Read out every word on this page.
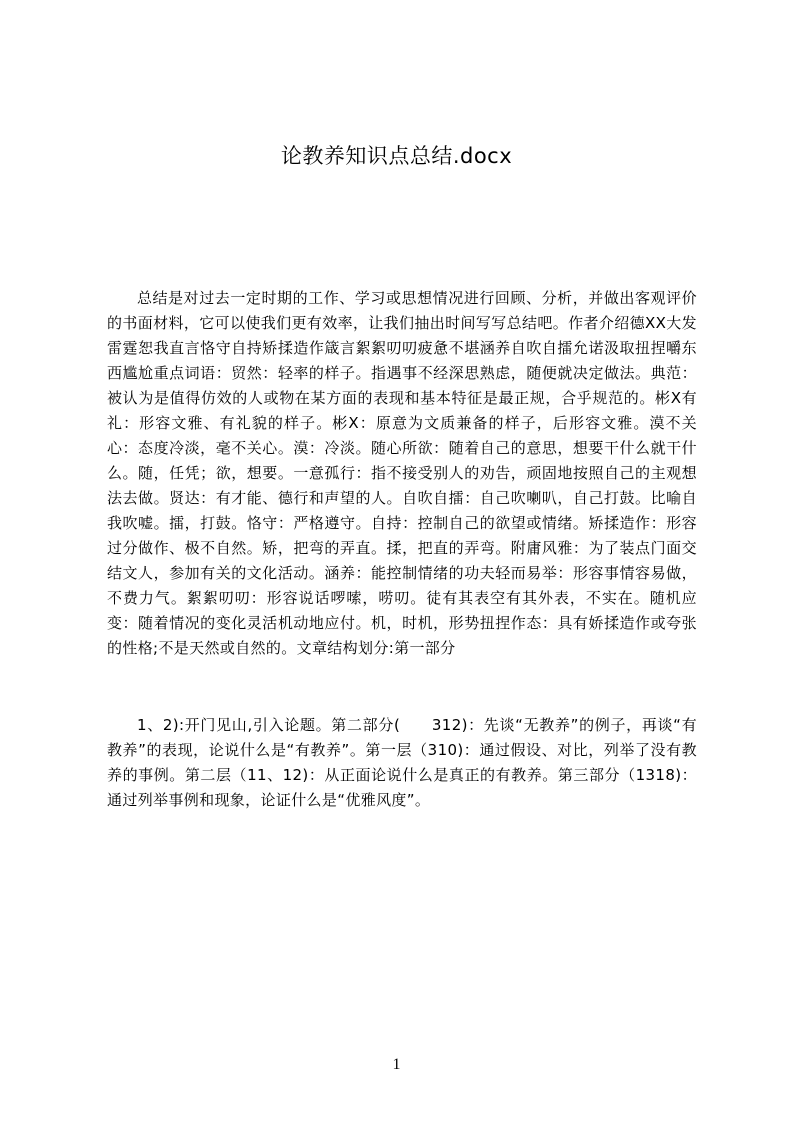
论教养知识点总结.docx

总结是对过去一定时期的工作、学习或思想情况进行回顾、分析，并做出客观评价的书面材料，它可以使我们更有效率，让我们抽出时间写写总结吧。作者介绍德XX大发雷霆恕我直言恪守自持矫揉造作箴言絮絮叨叨疲惫不堪涵养自吹自擂允诺汲取扭捏嚼东西尴尬重点词语：贸然：轻率的样子。指遇事不经深思熟虑，随便就决定做法。典范：被认为是值得仿效的人或物在某方面的表现和基本特征是最正规，合乎规范的。彬X有礼：形容文雅、有礼貌的样子。彬X：原意为文质兼备的样子，后形容文雅。漠不关心：态度冷淡，毫不关心。漠：冷淡。随心所欲：随着自己的意思，想要干什么就干什么。随，任凭；欲，想要。一意孤行：指不接受别人的劝告，顽固地按照自己的主观想法去做。贤达：有才能、德行和声望的人。自吹自擂：自己吹喇叭，自己打鼓。比喻自我吹嘘。擂，打鼓。恪守：严格遵守。自持：控制自己的欲望或情绪。矫揉造作：形容过分做作、极不自然。矫，把弯的弄直。揉，把直的弄弯。附庸风雅：为了装点门面交结文人，参加有关的文化活动。涵养：能控制情绪的功夫轻而易举：形容事情容易做，不费力气。絮絮叨叨：形容说话啰嗦，唠叨。徒有其表空有其外表，不实在。随机应变：随着情况的变化灵活机动地应付。机，时机，形势扭捏作态：具有娇揉造作或夸张的性格;不是天然或自然的。文章结构划分:第一部分

1、2):开门见山,引入论题。第二部分(　　312)：先谈“无教养”的例子，再谈“有教养”的表现，论说什么是“有教养”。第一层（310)：通过假设、对比，列举了没有教养的事例。第二层（11、12)：从正面论说什么是真正的有教养。第三部分（1318)：通过列举事例和现象，论证什么是“优雅风度”。

1
